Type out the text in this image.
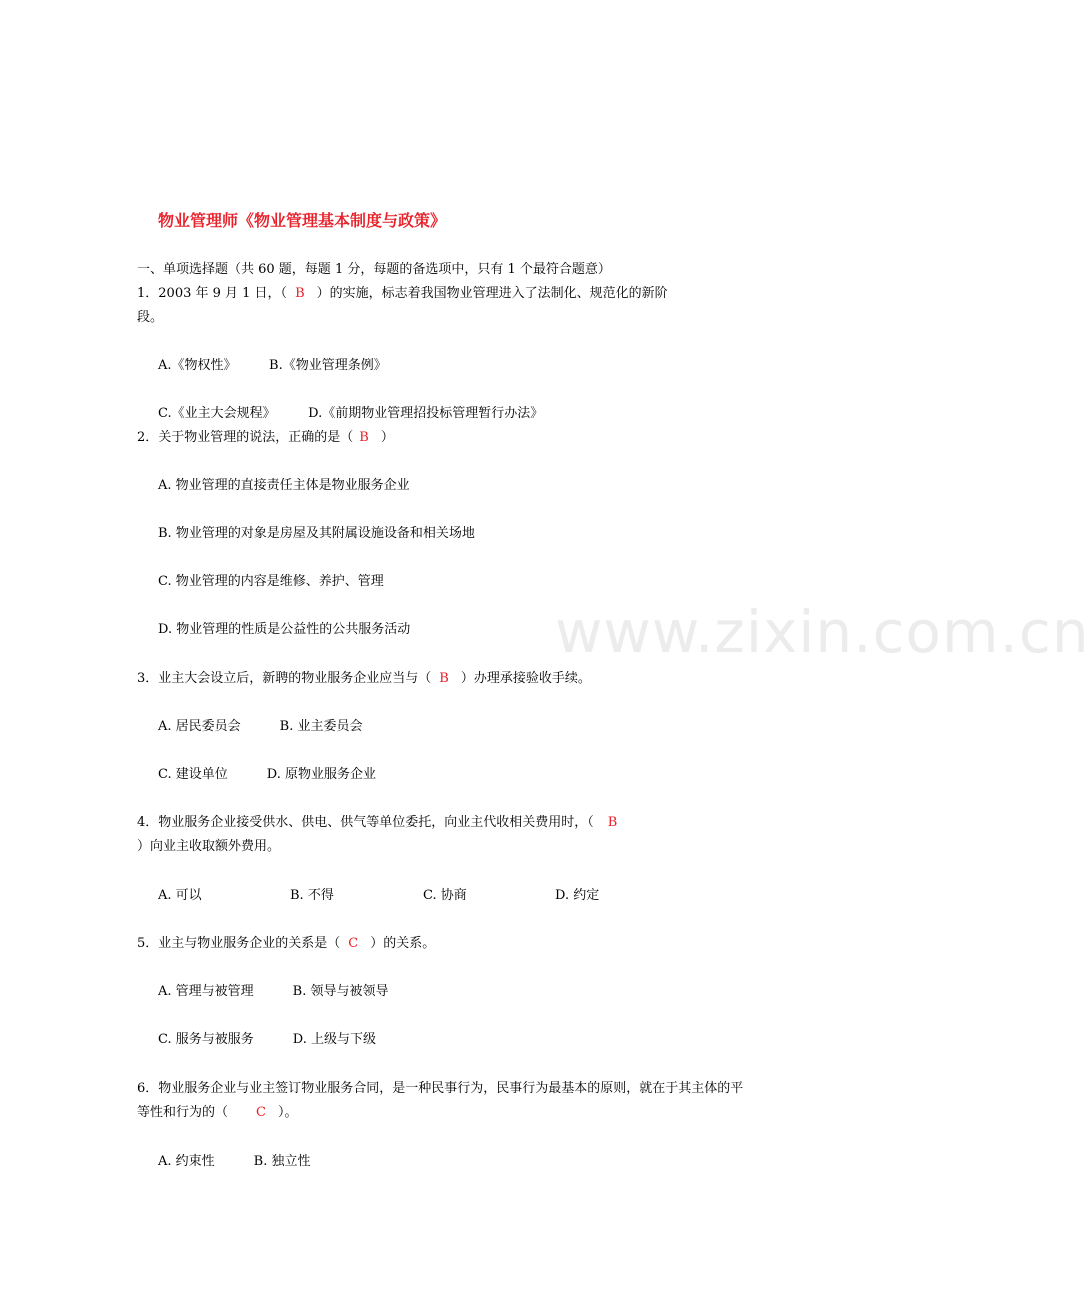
物业管理师《物业管理基本制度与政策》
一、单项选择题（共 60 题，每题 1 分，每题的备选项中，只有 1 个最符合题意）
1．2003 年 9 月 1 日，（ B ）的实施，标志着我国物业管理进入了法制化、规范化的新阶
段。
A.《物权性》　　　B.《物业管理条例》
C.《业主大会规程》　　　D.《前期物业管理招投标管理暂行办法》
2．关于物业管理的说法，正确的是（ B ）
A. 物业管理的直接责任主体是物业服务企业
B. 物业管理的对象是房屋及其附属设施设备和相关场地
C. 物业管理的内容是维修、养护、管理
D. 物业管理的性质是公益性的公共服务活动
3．业主大会设立后，新聘的物业服务企业应当与（ B ）办理承接验收手续。
A. 居民委员会　　　B. 业主委员会
C. 建设单位　　　D. 原物业服务企业
4．物业服务企业接受供水、供电、供气等单位委托，向业主代收相关费用时，（ B
）向业主收取额外费用。
A. 可以	B. 不得	C. 协商	D. 约定
5．业主与物业服务企业的关系是（ C ）的关系。
A. 管理与被管理　　　B. 领导与被领导
C. 服务与被服务　　　D. 上级与下级
6．物业服务企业与业主签订物业服务合同，是一种民事行为，民事行为最基本的原则，就在于其主体的平
等性和行为的（ C ）。
A. 约束性　　　B. 独立性
www.zixin.com.cn
